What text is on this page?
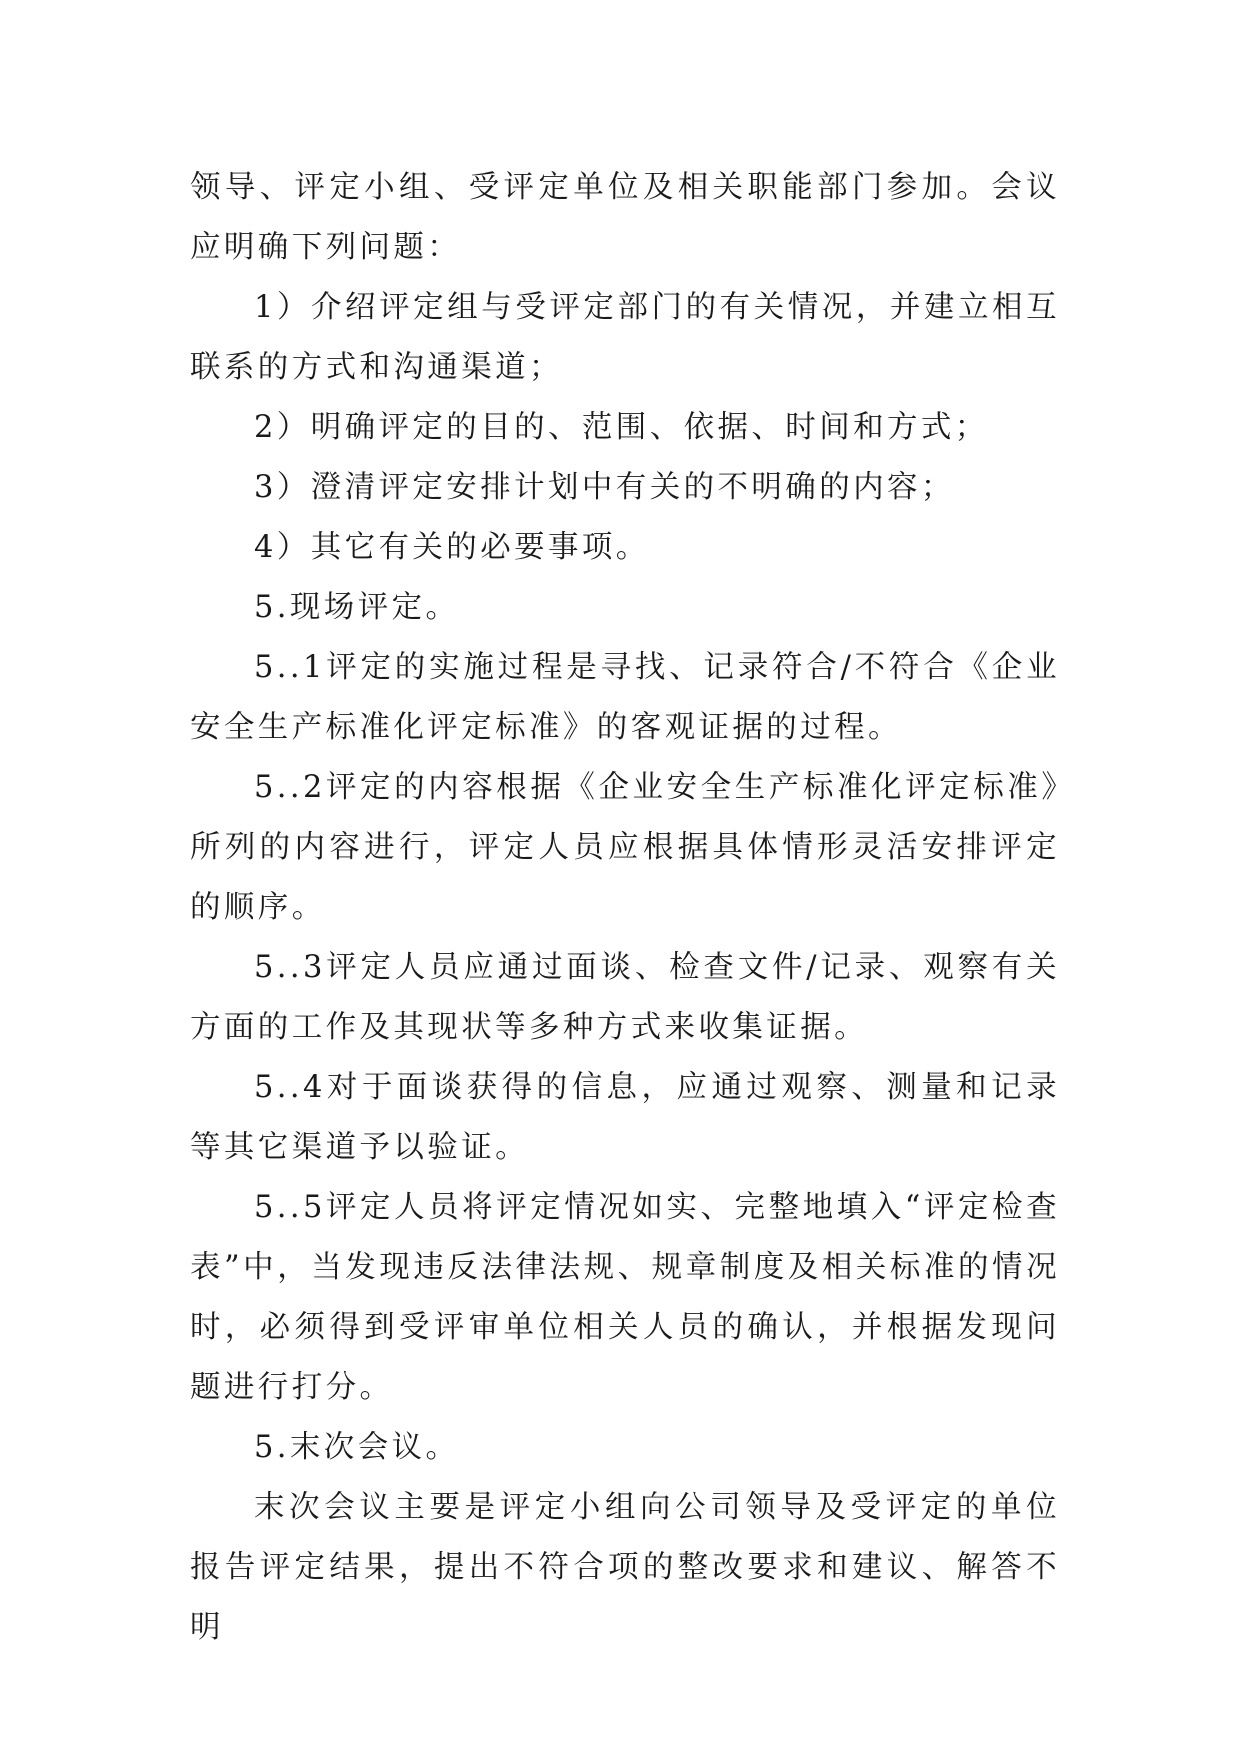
领导、评定小组、受评定单位及相关职能部门参加。会议应明确下列问题：

1）介绍评定组与受评定部门的有关情况，并建立相互联系的方式和沟通渠道；

2）明确评定的目的、范围、依据、时间和方式；

3）澄清评定安排计划中有关的不明确的内容；

4）其它有关的必要事项。

5.现场评定。

5..1评定的实施过程是寻找、记录符合/不符合《企业安全生产标准化评定标准》的客观证据的过程。

5..2评定的内容根据《企业安全生产标准化评定标准》所列的内容进行，评定人员应根据具体情形灵活安排评定的顺序。

5..3评定人员应通过面谈、检查文件/记录、观察有关方面的工作及其现状等多种方式来收集证据。

5..4对于面谈获得的信息，应通过观察、测量和记录等其它渠道予以验证。

5..5评定人员将评定情况如实、完整地填入“评定检查表”中，当发现违反法律法规、规章制度及相关标准的情况时，必须得到受评审单位相关人员的确认，并根据发现问题进行打分。

5.末次会议。

末次会议主要是评定小组向公司领导及受评定的单位报告评定结果，提出不符合项的整改要求和建议、解答不明
